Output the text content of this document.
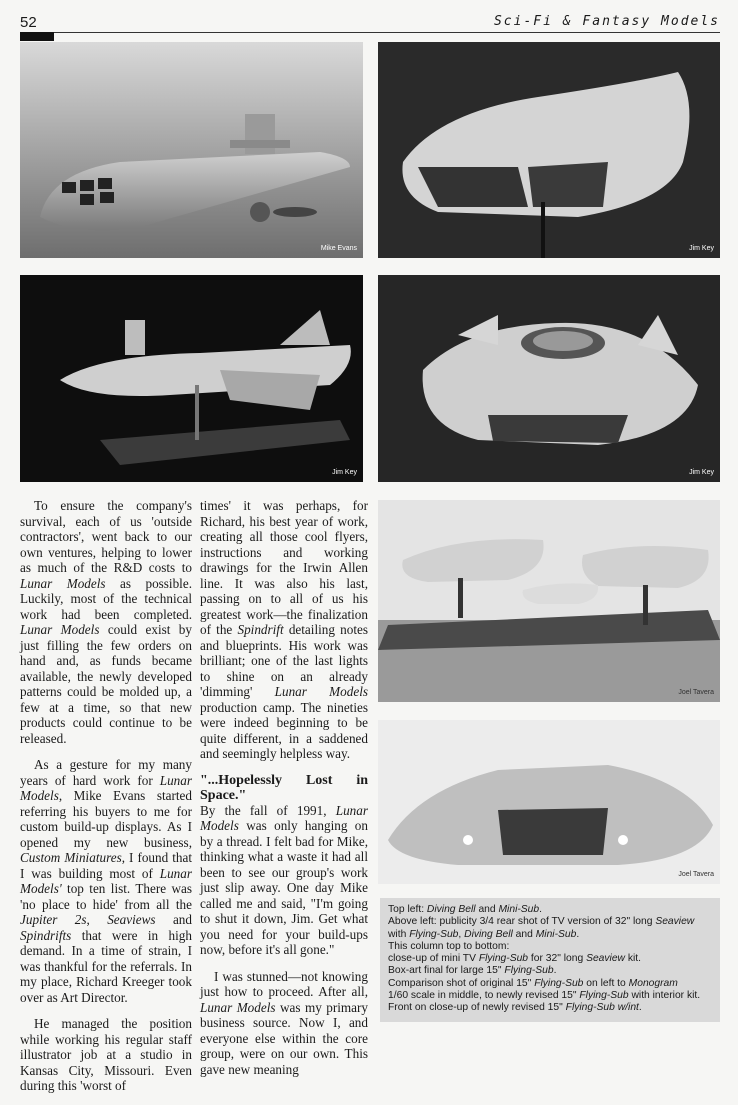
52	Sci-Fi & Fantasy Models
Mike Evans	Jim Key
Jim Key	Jim Key
Joel Tavera
Joel Tavera

To ensure the company's survival, each of us 'outside contractors', went back to our own ventures, helping to lower as much of the R&D costs to Lunar Models as possible. Luckily, most of the technical work had been completed. Lunar Models could exist by just filling the few orders on hand and, as funds became available, the newly developed patterns could be molded up, a few at a time, so that new products could continue to be released.

As a gesture for my many years of hard work for Lunar Models, Mike Evans started referring his buyers to me for custom build-up displays. As I opened my new business, Custom Miniatures, I found that I was building most of Lunar Models' top ten list. There was 'no place to hide' from all the Jupiter 2s, Seaviews and Spindrifts that were in high demand. In a time of strain, I was thankful for the referrals. In my place, Richard Kreeger took over as Art Director.

He managed the position while working his regular staff illustrator job at a studio in Kansas City, Missouri. Even during this 'worst of

times' it was perhaps, for Richard, his best year of work, creating all those cool flyers, instructions and working drawings for the Irwin Allen line. It was also his last, passing on to all of us his greatest work—the finalization of the Spindrift detailing notes and blueprints. His work was brilliant; one of the last lights to shine on an already 'dimming' Lunar Models production camp. The nineties were indeed beginning to be quite different, in a saddened and seemingly helpless way.

"...Hopelessly Lost in Space."

By the fall of 1991, Lunar Models was only hanging on by a thread. I felt bad for Mike, thinking what a waste it had all been to see our group's work just slip away. One day Mike called me and said, "I'm going to shut it down, Jim. Get what you need for your build-ups now, before it's all gone."

I was stunned—not knowing just how to proceed. After all, Lunar Models was my primary business source. Now I, and everyone else within the core group, were on our own. This gave new meaning

Top left: Diving Bell and Mini-Sub.
Above left: publicity 3/4 rear shot of TV version of 32" long Seaview
with Flying-Sub, Diving Bell and Mini-Sub.
This column top to bottom:
close-up of mini TV Flying-Sub for 32" long Seaview kit.
Box-art final for large 15" Flying-Sub.
Comparison shot of original 15" Flying-Sub on left to Monogram
1/60 scale in middle, to newly revised 15" Flying-Sub with interior kit.
Front on close-up of newly revised 15" Flying-Sub w/int.
